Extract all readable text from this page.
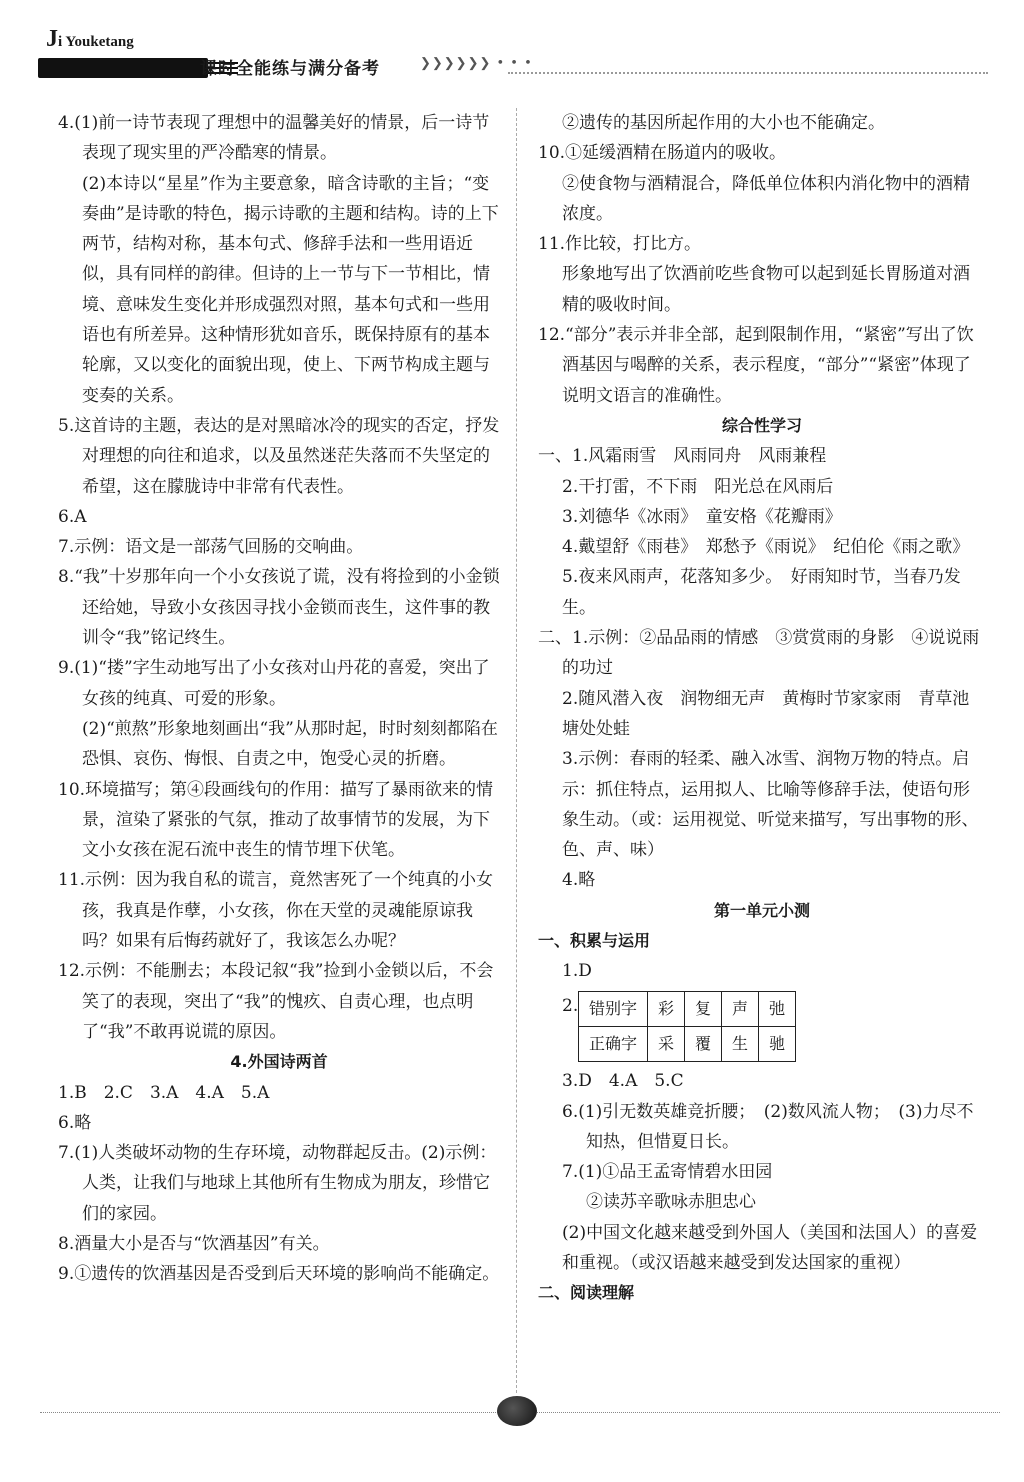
Ji Youketang
课时全能练与满分备考	❯❯❯❯❯❯ • • •

4.(1)前一诗节表现了理想中的温馨美好的情景，后一诗节表现了现实里的严冷酷寒的情景。

(2)本诗以“星星”作为主要意象，暗含诗歌的主旨；“变奏曲”是诗歌的特色，揭示诗歌的主题和结构。诗的上下两节，结构对称，基本句式、修辞手法和一些用语近似，具有同样的韵律。但诗的上一节与下一节相比，情境、意味发生变化并形成强烈对照，基本句式和一些用语也有所差异。这种情形犹如音乐，既保持原有的基本轮廓，又以变化的面貌出现，使上、下两节构成主题与变奏的关系。

5.这首诗的主题，表达的是对黑暗冰冷的现实的否定，抒发对理想的向往和追求，以及虽然迷茫失落而不失坚定的希望，这在朦胧诗中非常有代表性。

6.A

7.示例：语文是一部荡气回肠的交响曲。

8.“我”十岁那年向一个小女孩说了谎，没有将捡到的小金锁还给她，导致小女孩因寻找小金锁而丧生，这件事的教训令“我”铭记终生。

9.(1)“搂”字生动地写出了小女孩对山丹花的喜爱，突出了女孩的纯真、可爱的形象。

(2)“煎熬”形象地刻画出“我”从那时起，时时刻刻都陷在恐惧、哀伤、悔恨、自责之中，饱受心灵的折磨。

10.环境描写；第④段画线句的作用：描写了暴雨欲来的情景，渲染了紧张的气氛，推动了故事情节的发展，为下文小女孩在泥石流中丧生的情节埋下伏笔。

11.示例：因为我自私的谎言，竟然害死了一个纯真的小女孩，我真是作孽，小女孩，你在天堂的灵魂能原谅我吗？如果有后悔药就好了，我该怎么办呢？

12.示例：不能删去；本段记叙“我”捡到小金锁以后，不会笑了的表现，突出了“我”的愧疚、自责心理，也点明了“我”不敢再说谎的原因。

4.外国诗两首

1.B　2.C　3.A　4.A　5.A

6.略

7.(1)人类破坏动物的生存环境，动物群起反击。(2)示例：人类，让我们与地球上其他所有生物成为朋友，珍惜它们的家园。

8.酒量大小是否与“饮酒基因”有关。

9.①遗传的饮酒基因是否受到后天环境的影响尚不能确定。

②遗传的基因所起作用的大小也不能确定。

10.①延缓酒精在肠道内的吸收。

②使食物与酒精混合，降低单位体积内消化物中的酒精浓度。

11.作比较，打比方。

形象地写出了饮酒前吃些食物可以起到延长胃肠道对酒精的吸收时间。

12.“部分”表示并非全部，起到限制作用，“紧密”写出了饮酒基因与喝醉的关系，表示程度，“部分”“紧密”体现了说明文语言的准确性。

综合性学习

一、1.风霜雨雪　风雨同舟　风雨兼程

2.干打雷，不下雨　阳光总在风雨后

3.刘德华《冰雨》　童安格《花瓣雨》

4.戴望舒《雨巷》　郑愁予《雨说》　纪伯伦《雨之歌》

5.夜来风雨声，花落知多少。　好雨知时节，当春乃发生。

二、1.示例：②品品雨的情感　③赏赏雨的身影　④说说雨的功过

2.随风潜入夜　润物细无声　黄梅时节家家雨　青草池塘处处蛙

3.示例：春雨的轻柔、融入冰雪、润物万物的特点。启示：抓住特点，运用拟人、比喻等修辞手法，使语句形象生动。（或：运用视觉、听觉来描写，写出事物的形、色、声、味）

4.略

第一单元小测

一、积累与运用

1.D

2. 错别字	彩	复	声	弛
正确字	采	覆	生	驰

3.D　4.A　5.C

6.(1)引无数英雄竞折腰；　(2)数风流人物；　(3)力尽不知热，但惜夏日长。

7.(1)①品王孟寄情碧水田园

②读苏辛歌咏赤胆忠心

(2)中国文化越来越受到外国人（美国和法国人）的喜爱和重视。（或汉语越来越受到发达国家的重视）

二、阅读理解
